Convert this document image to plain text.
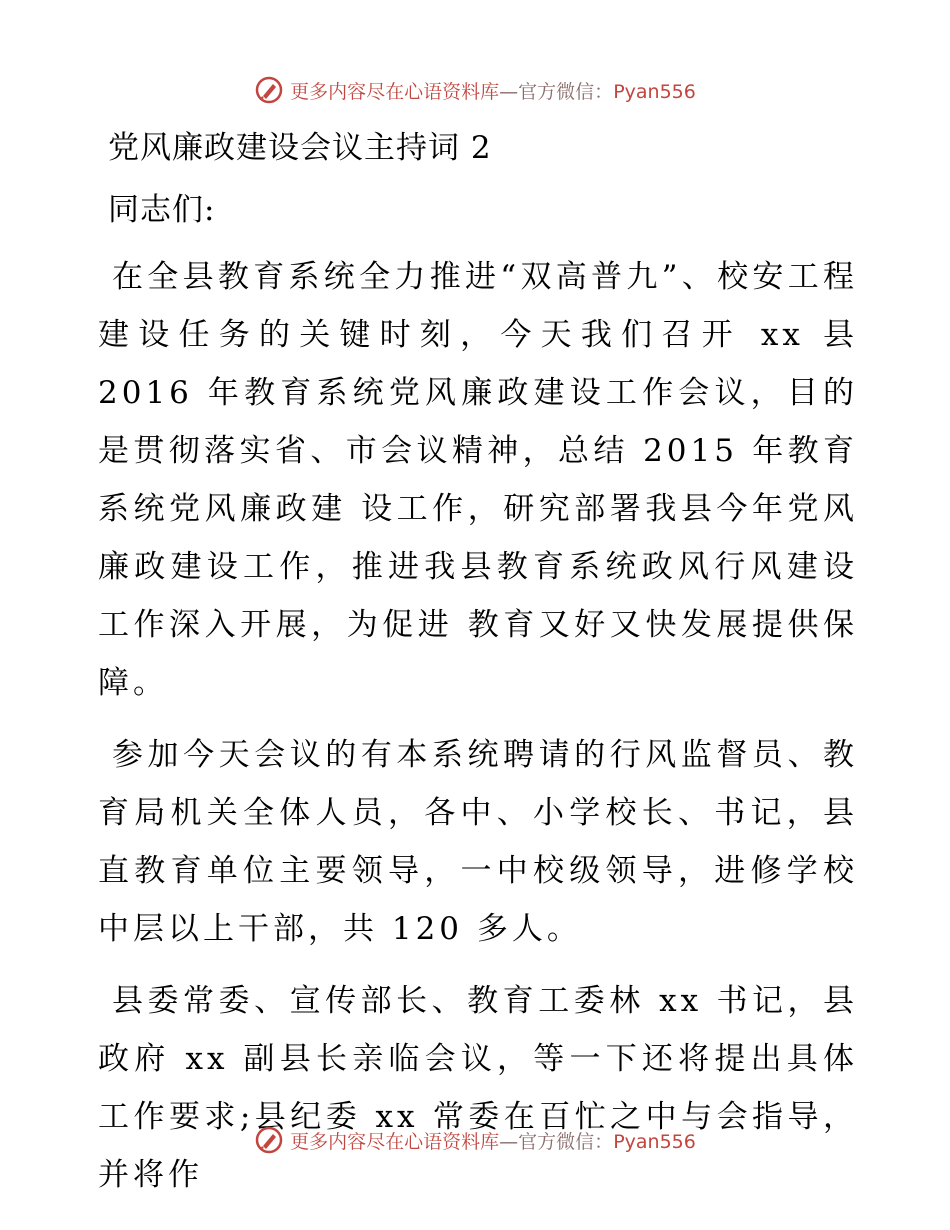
更多内容尽在心语资料库—官方微信：Pyan556
党风廉政建设会议主持词 2
同志们:

在全县教育系统全力推进“双高普九”、校安工程建设任务的关键时刻，今天我们召开 xx 县 2016 年教育系统党风廉政建设工作会议，目的是贯彻落实省、市会议精神，总结 2015 年教育系统党风廉政建 设工作，研究部署我县今年党风廉政建设工作，推进我县教育系统政风行风建设工作深入开展，为促进 教育又好又快发展提供保障。

参加今天会议的有本系统聘请的行风监督员、教育局机关全体人员，各中、小学校长、书记，县直教育单位主要领导，一中校级领导，进修学校中层以上干部，共 120 多人。

县委常委、宣传部长、教育工委林 xx 书记，县政府 xx 副县长亲临会议，等一下还将提出具体工作要求;县纪委 xx 常委在百忙之中与会指导，并将作

更多内容尽在心语资料库—官方微信：Pyan556
